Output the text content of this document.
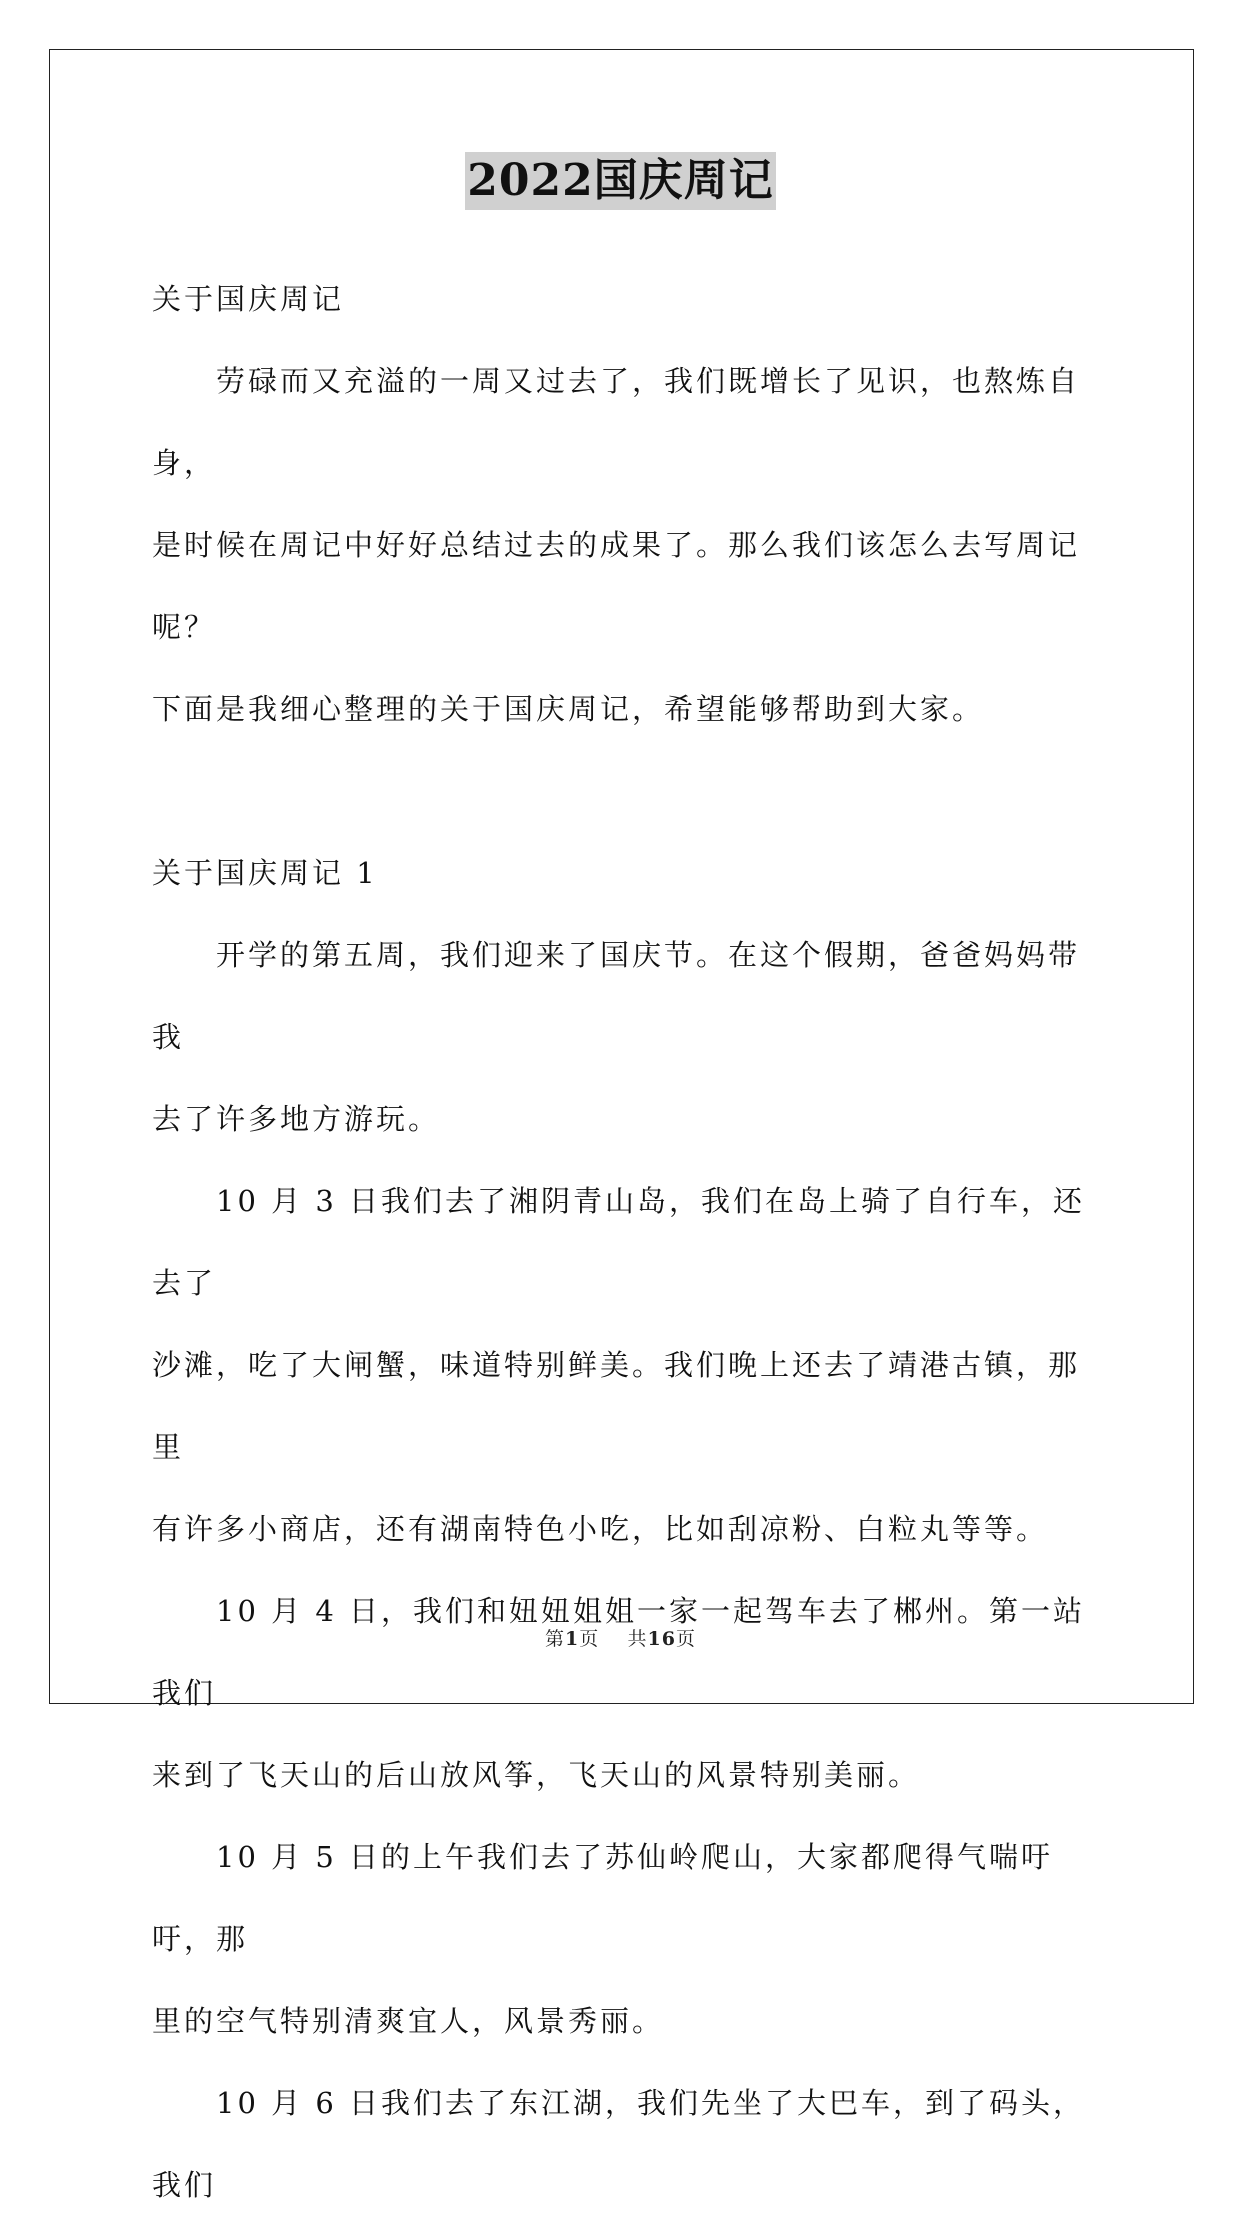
2022国庆周记

关于国庆周记

劳碌而又充溢的一周又过去了，我们既增长了见识，也熬炼自身，

是时候在周记中好好总结过去的成果了。那么我们该怎么去写周记呢？

下面是我细心整理的关于国庆周记，希望能够帮助到大家。

关于国庆周记 1

开学的第五周，我们迎来了国庆节。在这个假期，爸爸妈妈带我

去了许多地方游玩。

10 月 3 日我们去了湘阴青山岛，我们在岛上骑了自行车，还去了

沙滩，吃了大闸蟹，味道特别鲜美。我们晚上还去了靖港古镇，那里

有许多小商店，还有湖南特色小吃，比如刮凉粉、白粒丸等等。

10 月 4 日，我们和妞妞姐姐一家一起驾车去了郴州。第一站我们

来到了飞天山的后山放风筝，飞天山的风景特别美丽。

10 月 5 日的上午我们去了苏仙岭爬山，大家都爬得气喘吁吁，那

里的空气特别清爽宜人，风景秀丽。

10 月 6 日我们去了东江湖，我们先坐了大巴车，到了码头，我们

第1页 共16页
